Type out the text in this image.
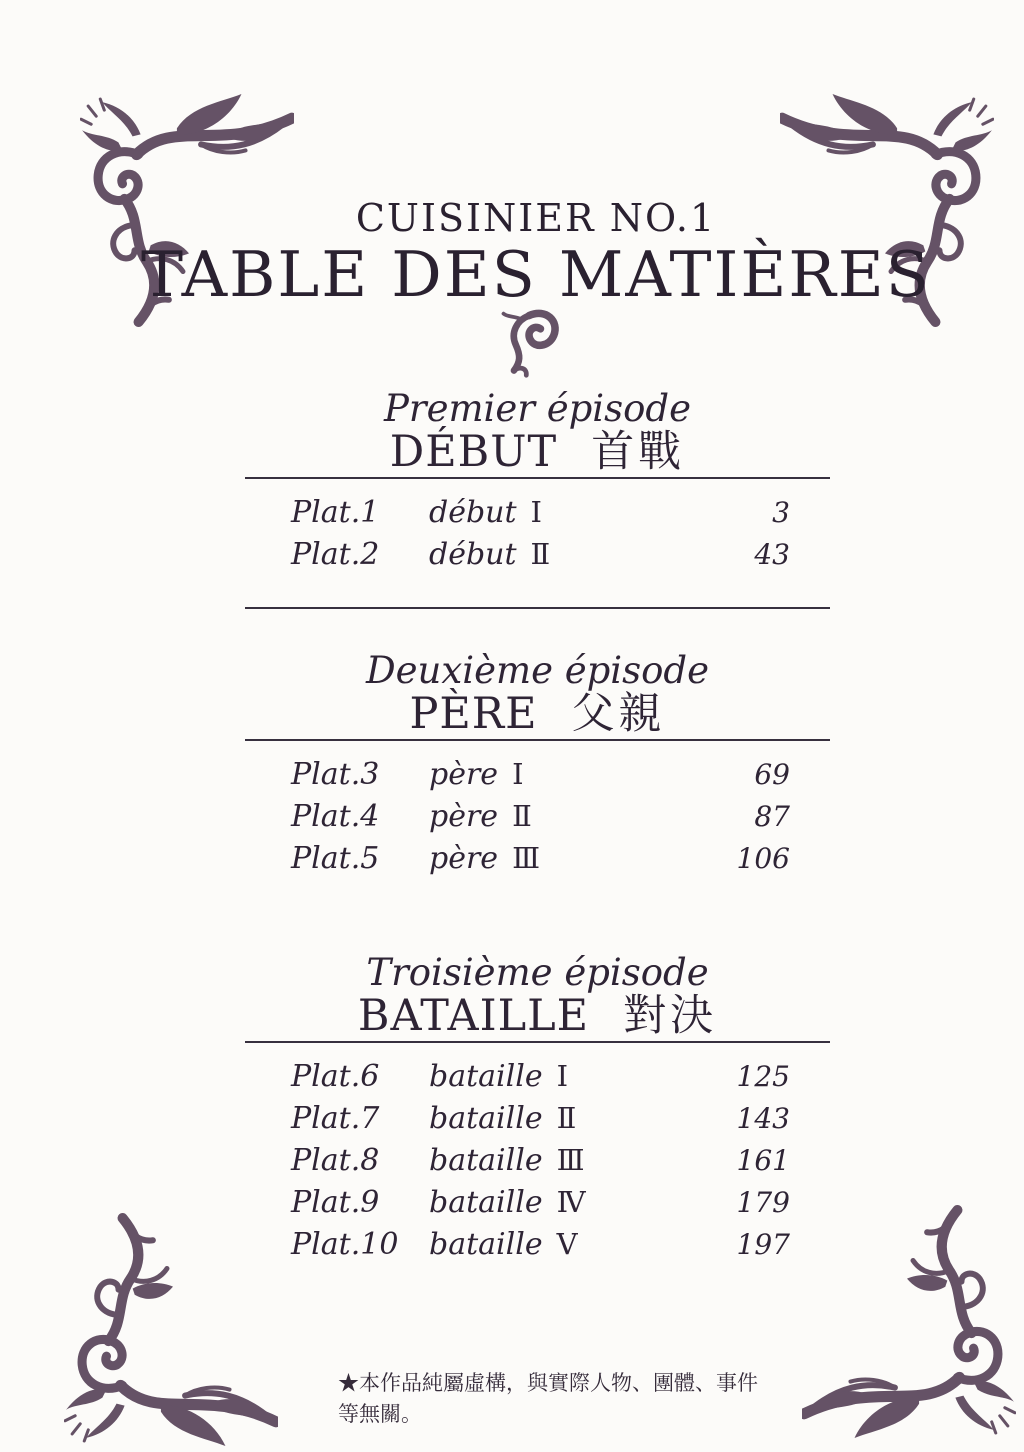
CUISINIER NO.1
TABLE DES MATIÈRES
Premier épisode
DÉBUT 首戰
Plat.1	début Ⅰ	3
Plat.2	début Ⅱ	43
Deuxième épisode
PÈRE 父親
Plat.3	père Ⅰ	69
Plat.4	père Ⅱ	87
Plat.5	père Ⅲ	106
Troisième épisode
BATAILLE 對決
Plat.6	bataille Ⅰ	125
Plat.7	bataille Ⅱ	143
Plat.8	bataille Ⅲ	161
Plat.9	bataille Ⅳ	179
Plat.10	bataille Ⅴ	197
★本作品純屬虛構，與實際人物、團體、事件
等無關。
